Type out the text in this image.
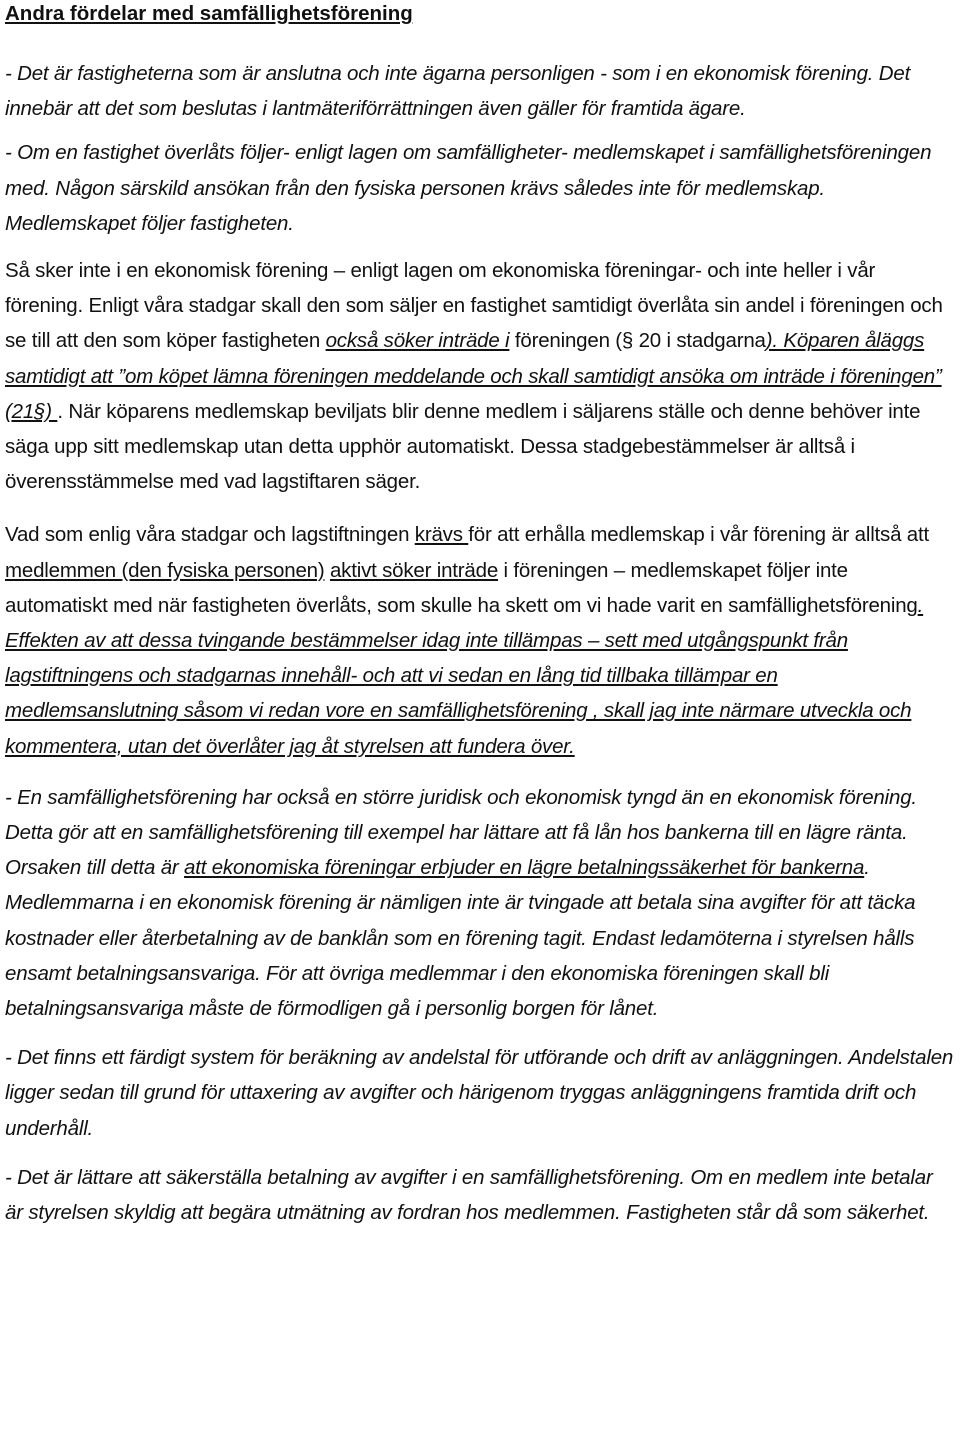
Andra fördelar med samfällighetsförening

- Det är fastigheterna som är anslutna och inte ägarna personligen - som i en ekonomisk förening. Det innebär att det som beslutas i lantmäteriförrättningen även gäller för framtida ägare.

- Om en fastighet överlåts följer- enligt lagen om samfälligheter- medlemskapet i samfällighetsföreningen med. Någon särskild ansökan från den fysiska personen krävs således inte för medlemskap. Medlemskapet följer fastigheten.

Så sker inte i en ekonomisk förening – enligt lagen om ekonomiska föreningar- och inte heller i vår förening. Enligt våra stadgar skall den som säljer en fastighet samtidigt överlåta sin andel i föreningen och se till att den som köper fastigheten också söker inträde i föreningen (§ 20 i stadgarna). Köparen åläggs samtidigt att ”om köpet lämna föreningen meddelande och skall samtidigt ansöka om inträde i föreningen” (21§) . När köparens medlemskap beviljats blir denne medlem i säljarens ställe och denne behöver inte säga upp sitt medlemskap utan detta upphör automatiskt. Dessa stadgebestämmelser är alltså i överensstämmelse med vad lagstiftaren säger.

Vad som enlig våra stadgar och lagstiftningen krävs för att erhålla medlemskap i vår förening är alltså att medlemmen (den fysiska personen) aktivt söker inträde i föreningen – medlemskapet följer inte automatiskt med när fastigheten överlåts, som skulle ha skett om vi hade varit en samfällighetsförening. Effekten av att dessa tvingande bestämmelser idag inte tillämpas – sett med utgångspunkt från lagstiftningens och stadgarnas innehåll- och att vi sedan en lång tid tillbaka tillämpar en medlemsanslutning såsom vi redan vore en samfällighetsförening , skall jag inte närmare utveckla och kommentera, utan det överlåter jag åt styrelsen att fundera över.

- En samfällighetsförening har också en större juridisk och ekonomisk tyngd än en ekonomisk förening. Detta gör att en samfällighetsförening till exempel har lättare att få lån hos bankerna till en lägre ränta. Orsaken till detta är att ekonomiska föreningar erbjuder en lägre betalningssäkerhet för bankerna. Medlemmarna i en ekonomisk förening är nämligen inte är tvingade att betala sina avgifter för att täcka kostnader eller återbetalning av de banklån som en förening tagit. Endast ledamöterna i styrelsen hålls ensamt betalningsansvariga. För att övriga medlemmar i den ekonomiska föreningen skall bli betalningsansvariga måste de förmodligen gå i personlig borgen för lånet.

- Det finns ett färdigt system för beräkning av andelstal för utförande och drift av anläggningen. Andelstalen ligger sedan till grund för uttaxering av avgifter och härigenom tryggas anläggningens framtida drift och underhåll.

- Det är lättare att säkerställa betalning av avgifter i en samfällighetsförening. Om en medlem inte betalar är styrelsen skyldig att begära utmätning av fordran hos medlemmen. Fastigheten står då som säkerhet.
